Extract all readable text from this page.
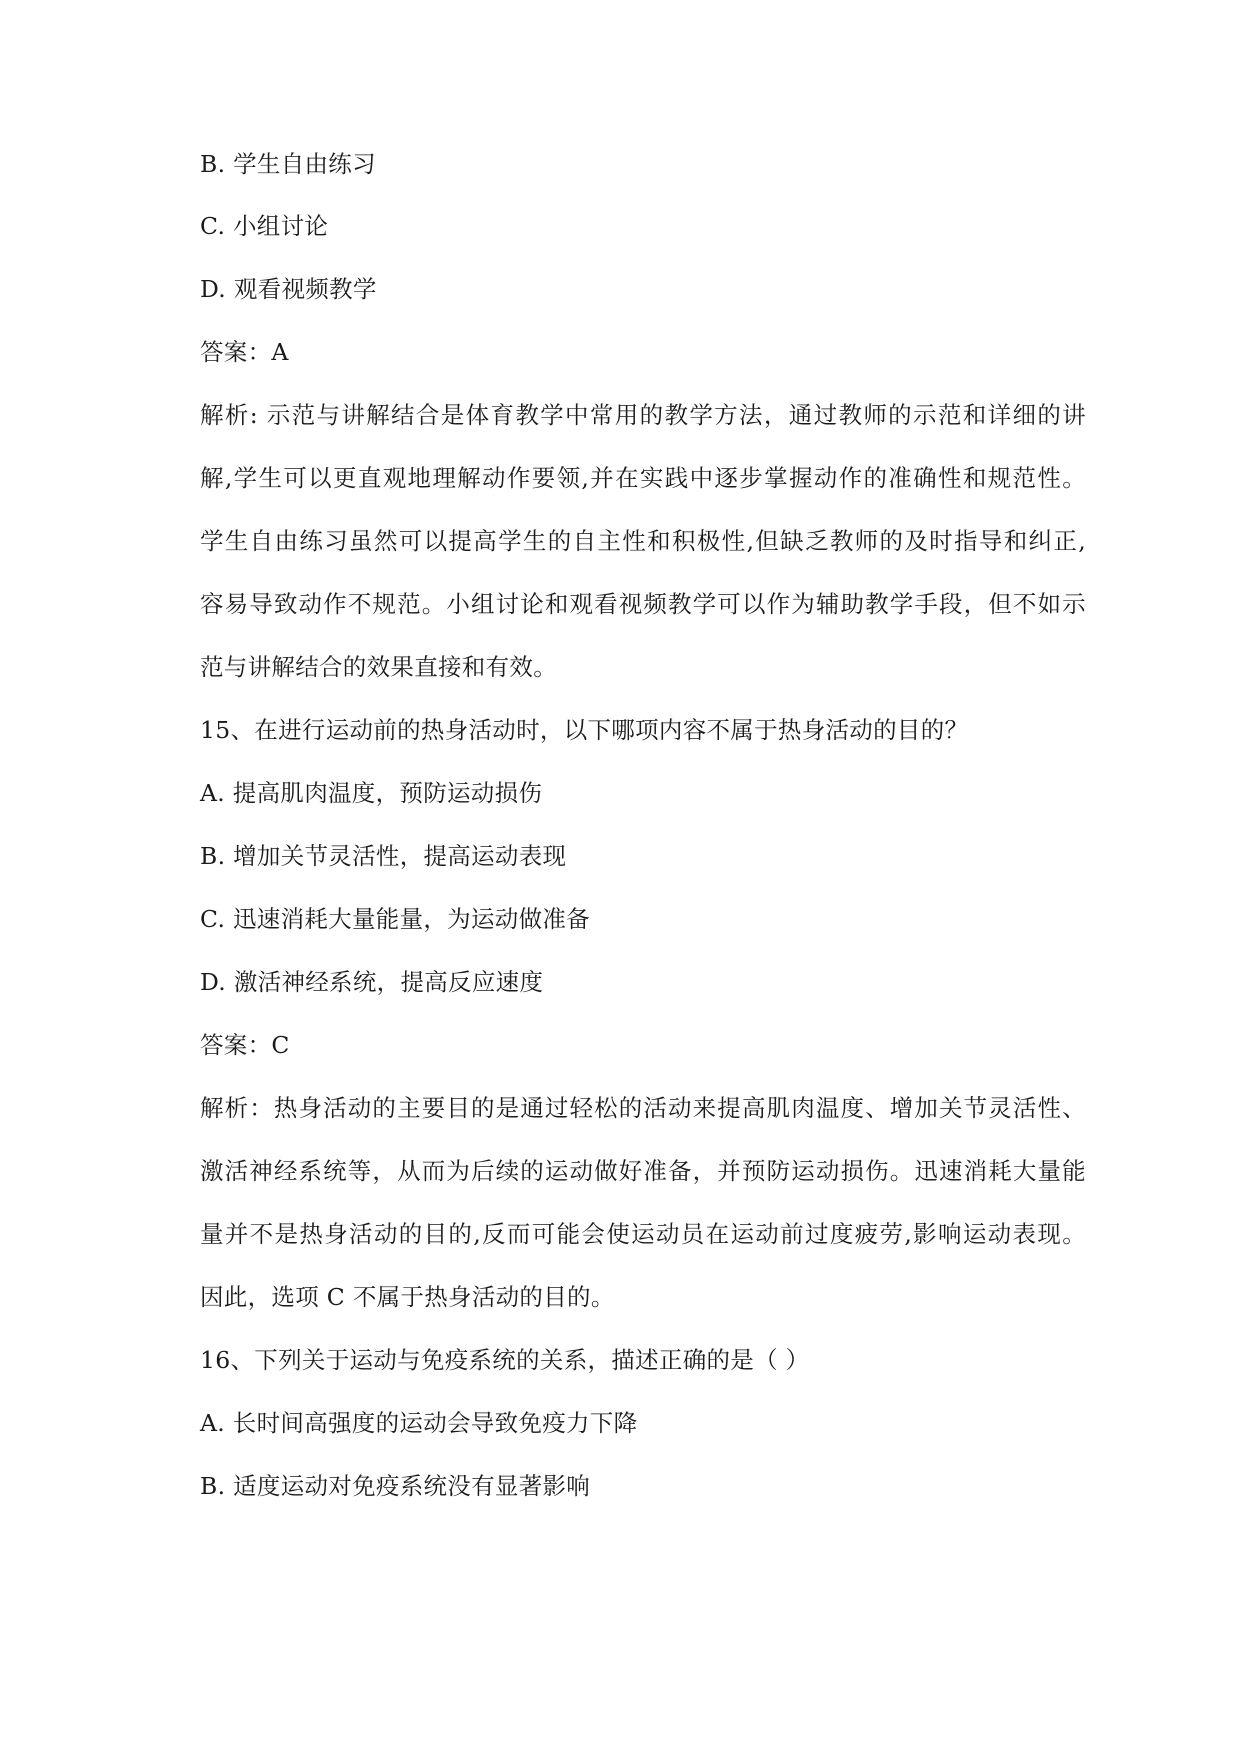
B. 学生自由练习
C. 小组讨论
D. 观看视频教学
答案：A
解析: 示范与讲解结合是体育教学中常用的教学方法，通过教师的示范和详细的讲
解,学生可以更直观地理解动作要领,并在实践中逐步掌握动作的准确性和规范性。
学生自由练习虽然可以提高学生的自主性和积极性,但缺乏教师的及时指导和纠正,
容易导致动作不规范。小组讨论和观看视频教学可以作为辅助教学手段，但不如示
范与讲解结合的效果直接和有效。
15、在进行运动前的热身活动时，以下哪项内容不属于热身活动的目的？
A. 提高肌肉温度，预防运动损伤
B. 增加关节灵活性，提高运动表现
C. 迅速消耗大量能量，为运动做准备
D. 激活神经系统，提高反应速度
答案：C
解析：热身活动的主要目的是通过轻松的活动来提高肌肉温度、增加关节灵活性、
激活神经系统等，从而为后续的运动做好准备，并预防运动损伤。迅速消耗大量能
量并不是热身活动的目的,反而可能会使运动员在运动前过度疲劳,影响运动表现。
因此，选项 C 不属于热身活动的目的。
16、下列关于运动与免疫系统的关系，描述正确的是（ ）
A. 长时间高强度的运动会导致免疫力下降
B. 适度运动对免疫系统没有显著影响
